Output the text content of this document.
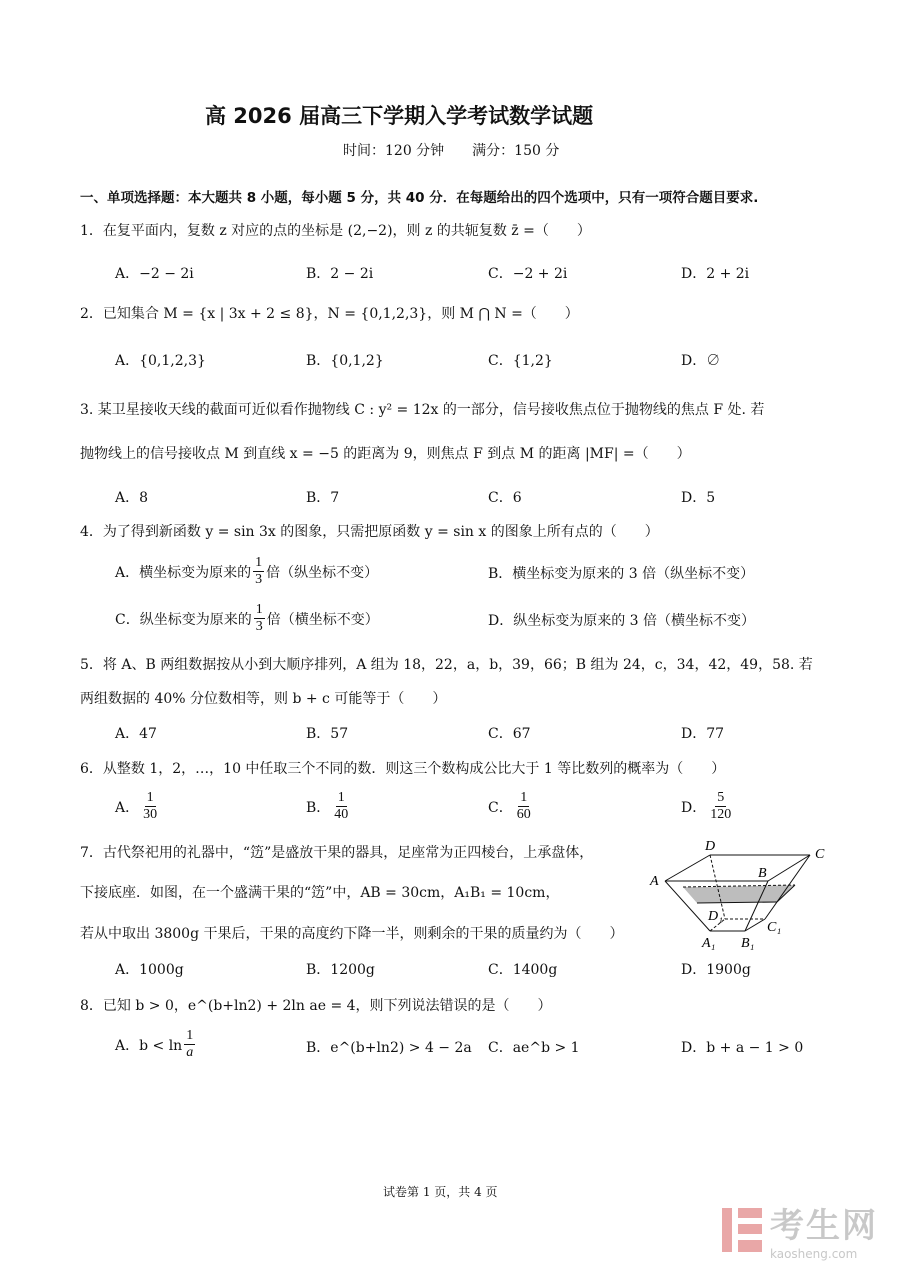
高 2026 届高三下学期入学考试数学试题
时间：120 分钟　　满分：150 分
一、单项选择题：本大题共 8 小题，每小题 5 分，共 40 分．在每题给出的四个选项中，只有一项符合题目要求.
1．在复平面内，复数 z 对应的点的坐标是 (2,−2)，则 z 的共轭复数 z̄ =（　　）
A．−2 − 2i	B．2 − 2i	C．−2 + 2i	D．2 + 2i
2．已知集合 M = {x | 3x + 2 ≤ 8}，N = {0,1,2,3}，则 M ⋂ N =（　　）
A．{0,1,2,3}	B．{0,1,2}	C．{1,2}	D．∅
3. 某卫星接收天线的截面可近似看作抛物线 C : y² = 12x 的一部分，信号接收焦点位于抛物线的焦点 F 处. 若
抛物线上的信号接收点 M 到直线 x = −5 的距离为 9，则焦点 F 到点 M 的距离 |MF| =（　　）
A．8	B．7	C．6	D．5
4．为了得到新函数 y = sin 3x 的图象，只需把原函数 y = sin x 的图象上所有点的（　　）
A．横坐标变为原来的 $\frac{1}{3}$ 倍（纵坐标不变）	B．横坐标变为原来的 3 倍（纵坐标不变）
C．纵坐标变为原来的 $\frac{1}{3}$ 倍（横坐标不变）	D．纵坐标变为原来的 3 倍（横坐标不变）
5．将 A、B 两组数据按从小到大顺序排列，A 组为 18，22，a，b，39，66；B 组为 24，c，34，42，49，58. 若
两组数据的 40% 分位数相等，则 b + c 可能等于（　　）
A．47	B．57	C．67	D．77
6．从整数 1，2，…，10 中任取三个不同的数．则这三个数构成公比大于 1 等比数列的概率为（　　）
A． $\frac{1}{30}$	B． $\frac{1}{40}$	C． $\frac{1}{60}$	D． $\frac{5}{120}$
7．古代祭祀用的礼器中，“笾”是盛放干果的器具，足座常为正四棱台，上承盘体，
下接底座．如图，在一个盛满干果的“笾”中，AB = 30cm，A₁B₁ = 10cm，
若从中取出 3800g 干果后，干果的高度约下降一半，则剩余的干果的质量约为（　　）
A．1000g	B．1200g	C．1400g	D．1900g
D
C
A
B
D₁
C₁
A₁ B₁
8．已知 b > 0，e^(b+ln2) + 2ln ae = 4，则下列说法错误的是（　　）
A．$b < \ln \frac{1}{a}$	B．e^(b+ln2) > 4 − 2a C．ae^b > 1	D．b + a − 1 > 0
试卷第 1 页，共 4 页
考生网
kaosheng.com
